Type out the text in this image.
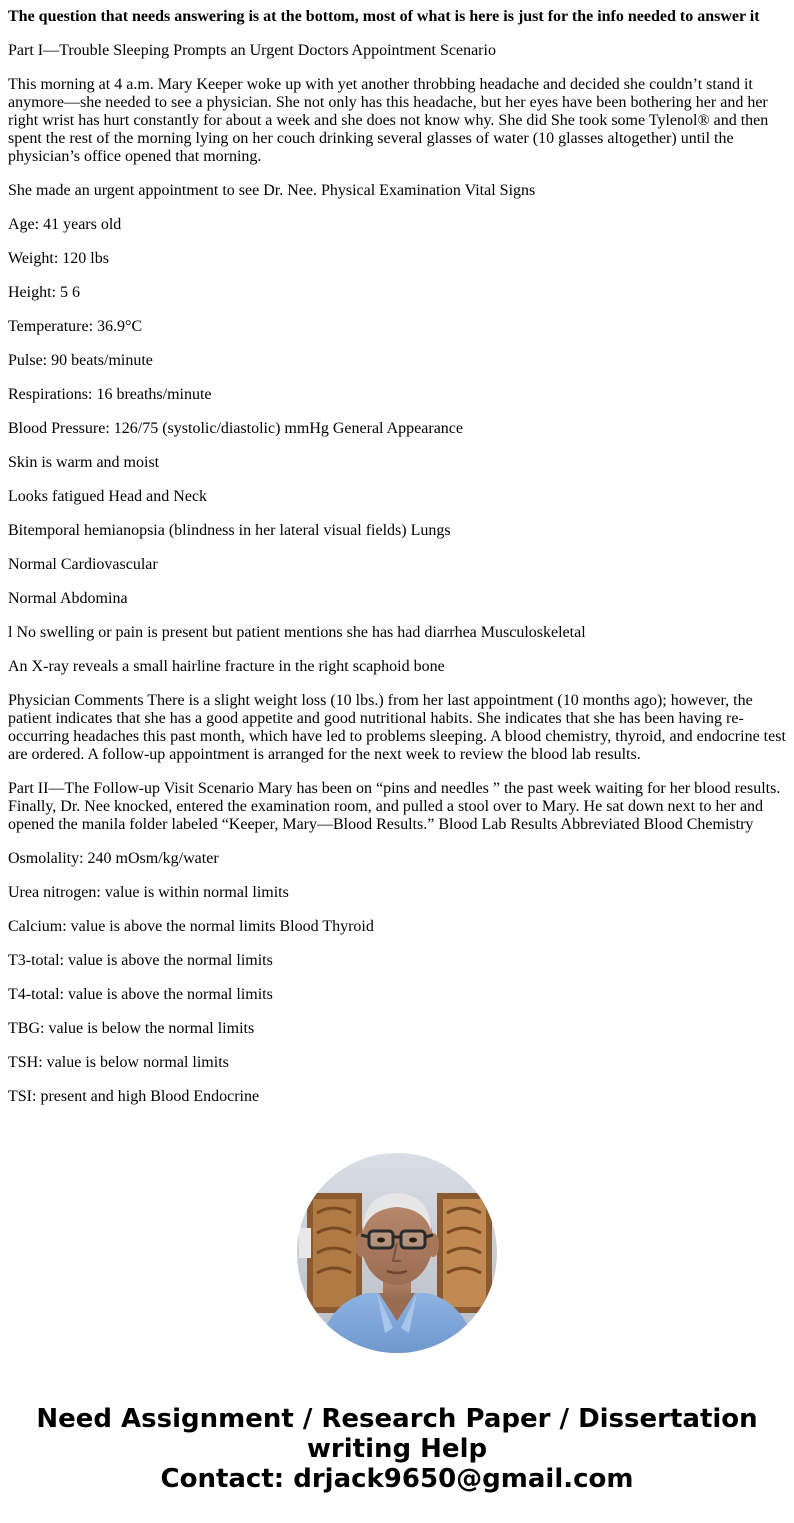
The question that needs answering is at the bottom, most of what is here is just for the info needed to answer it

Part I—Trouble Sleeping Prompts an Urgent Doctors Appointment Scenario

This morning at 4 a.m. Mary Keeper woke up with yet another throbbing headache and decided she couldn’t stand it anymore—she needed to see a physician. She not only has this headache, but her eyes have been bothering her and her right wrist has hurt constantly for about a week and she does not know why. She did She took some Tylenol® and then spent the rest of the morning lying on her couch drinking several glasses of water (10 glasses altogether) until the physician’s office opened that morning.

She made an urgent appointment to see Dr. Nee. Physical Examination Vital Signs

Age: 41 years old

Weight: 120 lbs

Height: 5 6

Temperature: 36.9°C

Pulse: 90 beats/minute

Respirations: 16 breaths/minute

Blood Pressure: 126/75 (systolic/diastolic) mmHg General Appearance

Skin is warm and moist

Looks fatigued Head and Neck

Bitemporal hemianopsia (blindness in her lateral visual fields) Lungs

Normal Cardiovascular

Normal Abdomina

l No swelling or pain is present but patient mentions she has had diarrhea Musculoskeletal

An X-ray reveals a small hairline fracture in the right scaphoid bone

Physician Comments There is a slight weight loss (10 lbs.) from her last appointment (10 months ago); however, the patient indicates that she has a good appetite and good nutritional habits. She indicates that she has been having re-occurring headaches this past month, which have led to problems sleeping. A blood chemistry, thyroid, and endocrine test are ordered. A follow-up appointment is arranged for the next week to review the blood lab results.

Part II—The Follow-up Visit Scenario Mary has been on “pins and needles ” the past week waiting for her blood results. Finally, Dr. Nee knocked, entered the examination room, and pulled a stool over to Mary. He sat down next to her and opened the manila folder labeled “Keeper, Mary—Blood Results.” Blood Lab Results Abbreviated Blood Chemistry

Osmolality: 240 mOsm/kg/water

Urea nitrogen: value is within normal limits

Calcium: value is above the normal limits Blood Thyroid

T3-total: value is above the normal limits

T4-total: value is above the normal limits

TBG: value is below the normal limits

TSH: value is below normal limits

TSI: present and high Blood Endocrine

Need Assignment / Research Paper / Dissertation
writing Help
Contact: drjack9650@gmail.com
